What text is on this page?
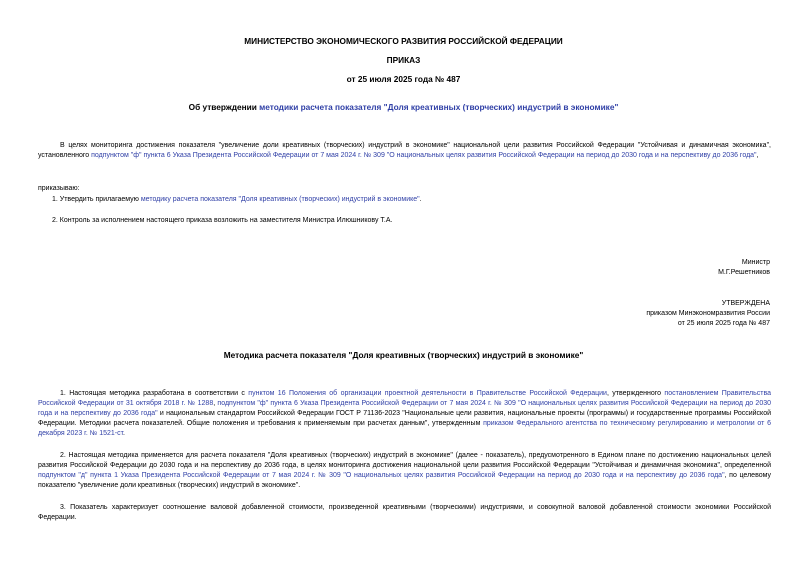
МИНИСТЕРСТВО ЭКОНОМИЧЕСКОГО РАЗВИТИЯ РОССИЙСКОЙ ФЕДЕРАЦИИ
ПРИКАЗ
от 25 июля 2025 года № 487
Об утверждении методики расчета показателя "Доля креативных (творческих) индустрий в экономике"
В целях мониторинга достижения показателя "увеличение доли креативных (творческих) индустрий в экономике" национальной цели развития Российской Федерации "Устойчивая и динамичная экономика", установленного подпунктом "ф" пункта 6 Указа Президента Российской Федерации от 7 мая 2024 г. № 309 "О национальных целях развития Российской Федерации на период до 2030 года и на перспективу до 2036 года",
приказываю:
1. Утвердить прилагаемую методику расчета показателя "Доля креативных (творческих) индустрий в экономике".
2. Контроль за исполнением настоящего приказа возложить на заместителя Министра Илюшникову Т.А.
Министр
М.Г.Решетников
УТВЕРЖДЕНА
приказом Минэкономразвития России
от 25 июля 2025 года № 487
Методика расчета показателя "Доля креативных (творческих) индустрий в экономике"
1. Настоящая методика разработана в соответствии с пунктом 16 Положения об организации проектной деятельности в Правительстве Российской Федерации, утвержденного постановлением Правительства Российской Федерации от 31 октября 2018 г. № 1288, подпунктом "ф" пункта 6 Указа Президента Российской Федерации от 7 мая 2024 г. № 309 "О национальных целях развития Российской Федерации на период до 2030 года и на перспективу до 2036 года" и национальным стандартом Российской Федерации ГОСТ Р 71136-2023 "Национальные цели развития, национальные проекты (программы) и государственные программы Российской Федерации. Методики расчета показателей. Общие положения и требования к применяемым при расчетах данным", утвержденным приказом Федерального агентства по техническому регулированию и метрологии от 6 декабря 2023 г. № 1521-ст.
2. Настоящая методика применяется для расчета показателя "Доля креативных (творческих) индустрий в экономике" (далее - показатель), предусмотренного в Едином плане по достижению национальных целей развития Российской Федерации до 2030 года и на перспективу до 2036 года, в целях мониторинга достижения национальной цели развития Российской Федерации "Устойчивая и динамичная экономика", определенной подпунктом "д" пункта 1 Указа Президента Российской Федерации от 7 мая 2024 г. № 309 "О национальных целях развития Российской Федерации на период до 2030 года и на перспективу до 2036 года", по целевому показателю "увеличение доли креативных (творческих) индустрий в экономике".
3. Показатель характеризует соотношение валовой добавленной стоимости, произведенной креативными (творческими) индустриями, и совокупной валовой добавленной стоимости экономики Российской Федерации.
